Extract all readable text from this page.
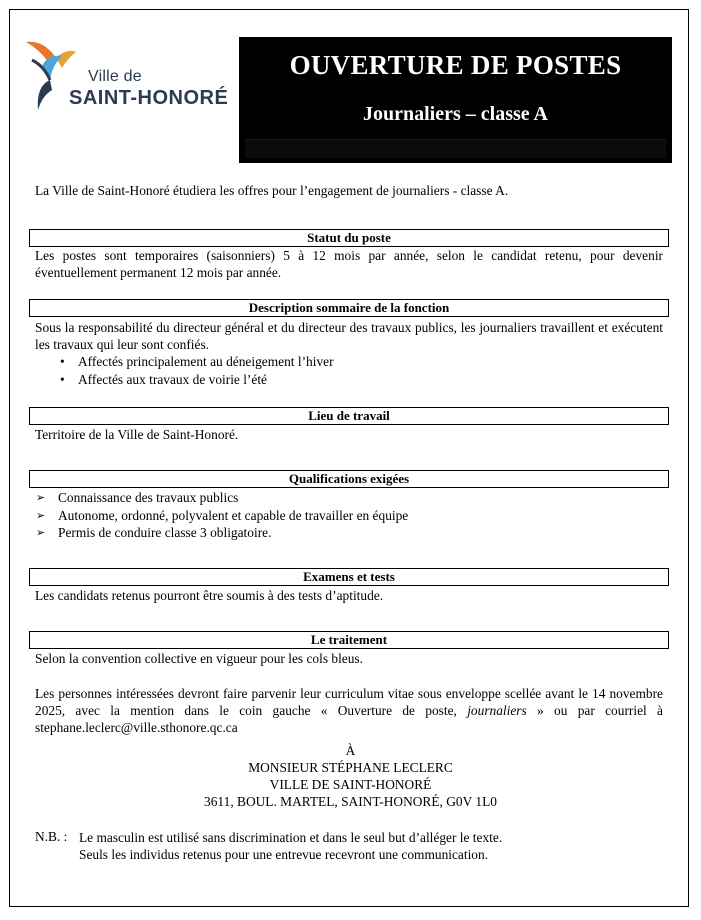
Ville de
SAINT-HONORÉ
OUVERTURE DE POSTES
Journaliers – classe A
La Ville de Saint-Honoré étudiera les offres pour l’engagement de journaliers - classe A.
Statut du poste
Les postes sont temporaires (saisonniers) 5 à 12 mois par année, selon le candidat retenu, pour devenir éventuellement permanent 12 mois par année.
Description sommaire de la fonction
Sous la responsabilité du directeur général et du directeur des travaux publics, les journaliers travaillent et exécutent les travaux qui leur sont confiés.
• Affectés principalement au déneigement l’hiver
• Affectés aux travaux de voirie l’été
Lieu de travail
Territoire de la Ville de Saint-Honoré.
Qualifications exigées
➢ Connaissance des travaux publics
➢ Autonome, ordonné, polyvalent et capable de travailler en équipe
➢ Permis de conduire classe 3 obligatoire.
Examens et tests
Les candidats retenus pourront être soumis à des tests d’aptitude.
Le traitement
Selon la convention collective en vigueur pour les cols bleus.
Les personnes intéressées devront faire parvenir leur curriculum vitae sous enveloppe scellée avant le 14 novembre 2025, avec la mention dans le coin gauche « Ouverture de poste, journaliers » ou par courriel à stephane.leclerc@ville.sthonore.qc.ca
À
MONSIEUR STÉPHANE LECLERC
VILLE DE SAINT-HONORÉ
3611, BOUL. MARTEL, SAINT-HONORÉ, G0V 1L0
N.B. : Le masculin est utilisé sans discrimination et dans le seul but d’alléger le texte.
Seuls les individus retenus pour une entrevue recevront une communication.
